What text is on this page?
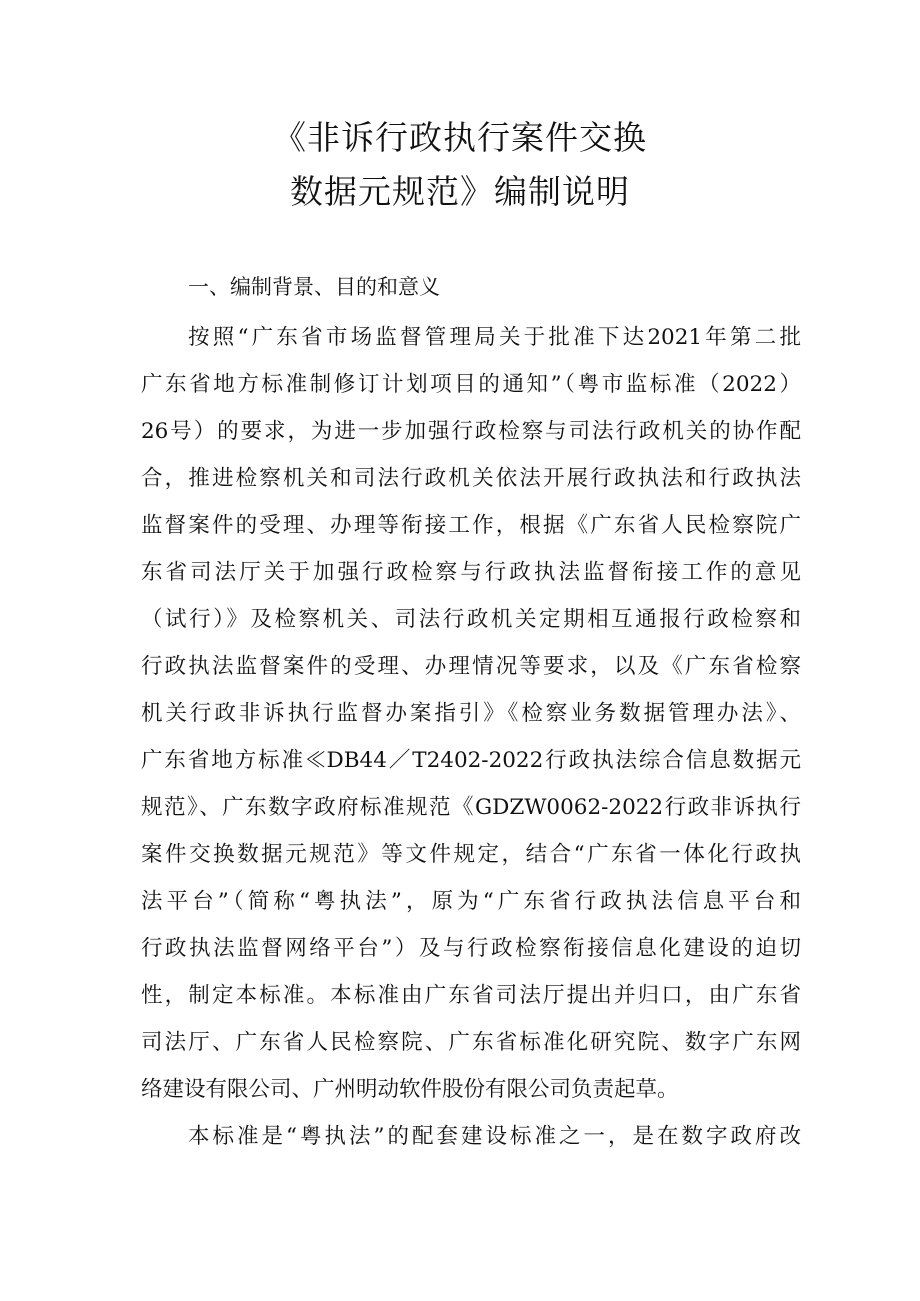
《非诉行政执行案件交换
数据元规范》编制说明
一、编制背景、目的和意义
按照“广东省市场监督管理局关于批准下达2021年第二批
广东省地方标准制修订计划项目的通知”（粤市监标准（2022）
26号）的要求，为进一步加强行政检察与司法行政机关的协作配
合，推进检察机关和司法行政机关依法开展行政执法和行政执法
监督案件的受理、办理等衔接工作，根据《广东省人民检察院广
东省司法厅关于加强行政检察与行政执法监督衔接工作的意见
（试行）》及检察机关、司法行政机关定期相互通报行政检察和
行政执法监督案件的受理、办理情况等要求，以及《广东省检察
机关行政非诉执行监督办案指引》《检察业务数据管理办法》、
广东省地方标准≪DB44／T2402-2022行政执法综合信息数据元
规范》、广东数字政府标准规范《GDZW0062-2022行政非诉执行
案件交换数据元规范》等文件规定，结合“广东省一体化行政执
法平台”（简称“粤执法”，原为“广东省行政执法信息平台和
行政执法监督网络平台”）及与行政检察衔接信息化建设的迫切
性，制定本标准。本标准由广东省司法厅提出并归口，由广东省
司法厅、广东省人民检察院、广东省标准化研究院、数字广东网
络建设有限公司、广州明动软件股份有限公司负责起草。
本标准是“粤执法”的配套建设标准之一，是在数字政府改
